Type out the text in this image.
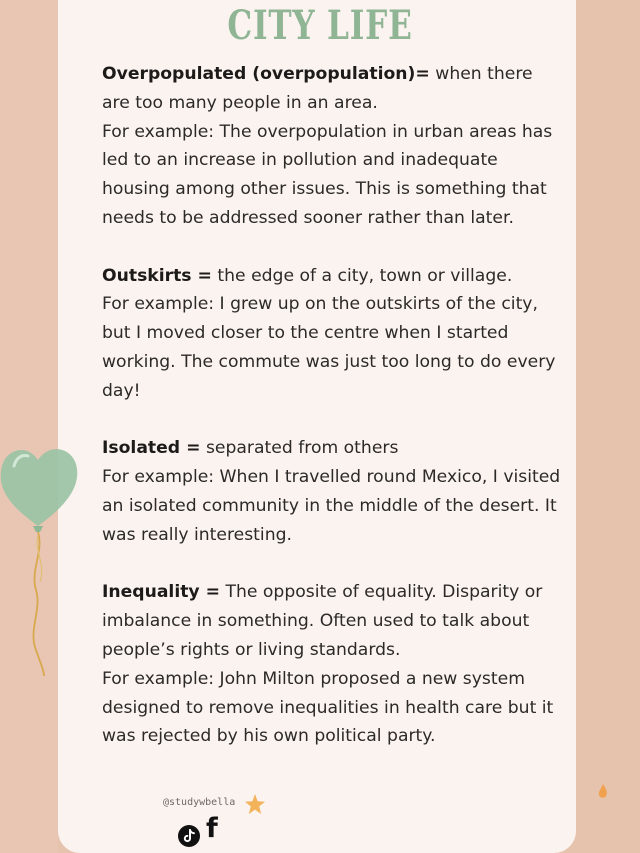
CITY LIFE

Overpopulated (overpopulation)= when there are too many people in an area.

For example: The overpopulation in urban areas has led to an increase in pollution and inadequate housing among other issues. This is something that needs to be addressed sooner rather than later.

Outskirts = the edge of a city, town or village.

For example: I grew up on the outskirts of the city, but I moved closer to the centre when I started working. The commute was just too long to do every day!

Isolated = separated from others

For example: When I travelled round Mexico, I visited an isolated community in the middle of the desert. It was really interesting.

Inequality = The opposite of equality. Disparity or imbalance in something. Often used to talk about people’s rights or living standards.

For example: John Milton proposed a new system designed to remove inequalities in health care but it was rejected by his own political party.

@studywbella
f
